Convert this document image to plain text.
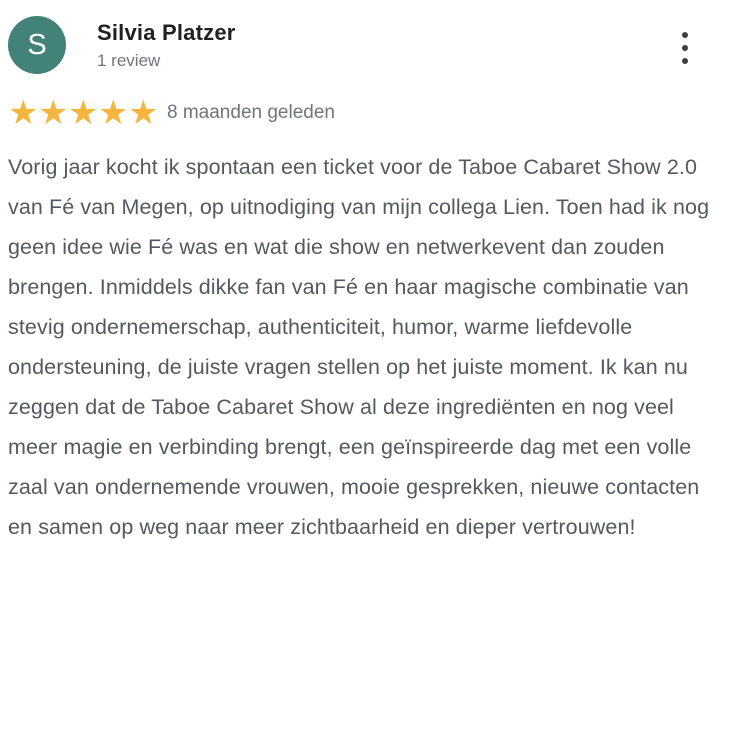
S Silvia Platzer
1 review
★ ★ ★ ★ ★ 8 maanden geleden

Vorig jaar kocht ik spontaan een ticket voor de Taboe Cabaret Show 2.0 van Fé van Megen, op uitnodiging van mijn collega Lien. Toen had ik nog geen idee wie Fé was en wat die show en netwerkevent dan zouden brengen. Inmiddels dikke fan van Fé en haar magische combinatie van stevig ondernemerschap, authenticiteit, humor, warme liefdevolle ondersteuning, de juiste vragen stellen op het juiste moment. Ik kan nu zeggen dat de Taboe Cabaret Show al deze ingrediënten en nog veel meer magie en verbinding brengt, een geïnspireerde dag met een volle zaal van ondernemende vrouwen, mooie gesprekken, nieuwe contacten en samen op weg naar meer zichtbaarheid en dieper vertrouwen!
